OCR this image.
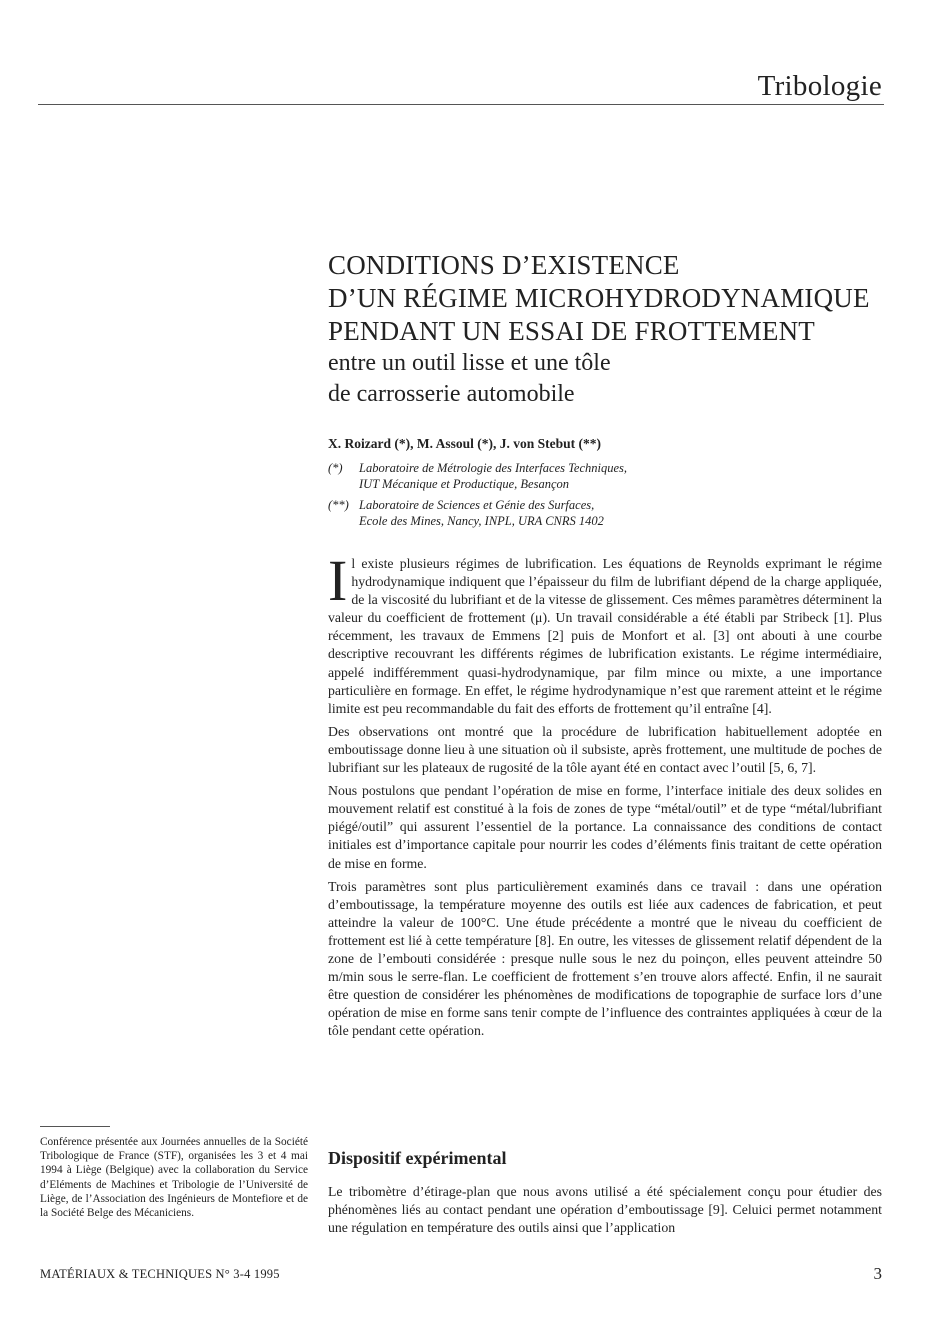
Tribologie
CONDITIONS D’EXISTENCE
D’UN RÉGIME MICROHYDRODYNAMIQUE
PENDANT UN ESSAI DE FROTTEMENT
entre un outil lisse et une tôle
de carrosserie automobile
X. Roizard (*), M. Assoul (*), J. von Stebut (**)
(*)	Laboratoire de Métrologie des Interfaces Techniques,
IUT Mécanique et Productique, Besançon
(**) Laboratoire de Sciences et Génie des Surfaces,
Ecole des Mines, Nancy, INPL, URA CNRS 1402

Il existe plusieurs régimes de lubrification. Les équations de Reynolds exprimant le régime hydrodynamique indiquent que l’épaisseur du film de lubrifiant dépend de la charge appliquée, de la viscosité du lubrifiant et de la vitesse de glissement. Ces mêmes paramètres déterminent la valeur du coefficient de frottement (μ). Un travail considérable a été établi par Stribeck [1]. Plus récemment, les travaux de Emmens [2] puis de Monfort et al. [3] ont abouti à une courbe descriptive recouvrant les différents régimes de lubrification existants. Le régime intermédiaire, appelé indifféremment quasi-hydrodynamique, par film mince ou mixte, a une importance particulière en formage. En effet, le régime hydrodynamique n’est que rarement atteint et le régime limite est peu recommandable du fait des efforts de frottement qu’il entraîne [4].

Des observations ont montré que la procédure de lubrification habituellement adoptée en emboutissage donne lieu à une situation où il subsiste, après frottement, une multitude de poches de lubrifiant sur les plateaux de rugosité de la tôle ayant été en contact avec l’outil [5, 6, 7].

Nous postulons que pendant l’opération de mise en forme, l’interface initiale des deux solides en mouvement relatif est constitué à la fois de zones de type “métal/outil” et de type “métal/lubrifiant piégé/outil” qui assurent l’essentiel de la portance. La connaissance des conditions de contact initiales est d’importance capitale pour nourrir les codes d’éléments finis traitant de cette opération de mise en forme.

Trois paramètres sont plus particulièrement examinés dans ce travail : dans une opération d’emboutissage, la température moyenne des outils est liée aux cadences de fabrication, et peut atteindre la valeur de 100°C. Une étude précédente a montré que le niveau du coefficient de frottement est lié à cette température [8]. En outre, les vitesses de glissement relatif dépendent de la zone de l’embouti considérée : presque nulle sous le nez du poinçon, elles peuvent atteindre 50 m/min sous le serre-flan. Le coefficient de frottement s’en trouve alors affecté. Enfin, il ne saurait être question de considérer les phénomènes de modifications de topographie de surface lors d’une opération de mise en forme sans tenir compte de l’influence des contraintes appliquées à cœur de la tôle pendant cette opération.

Dispositif expérimental
Le tribomètre d’étirage-plan que nous avons utilisé a été spécialement conçu pour étudier des phénomènes liés au contact pendant une opération d’emboutissage [9]. Celuici permet notamment une régulation en température des outils ainsi que l’application
Conférence présentée aux Journées annuelles de la Société Tribologique de France (STF), organisées les 3 et 4 mai 1994 à Liège (Belgique) avec la collaboration du Service d’Eléments de Machines et Tribologie de l’Université de Liège, de l’Association des Ingénieurs de Montefiore et de la Société Belge des Mécaniciens.
MATÉRIAUX & TECHNIQUES N° 3-4 1995	3
